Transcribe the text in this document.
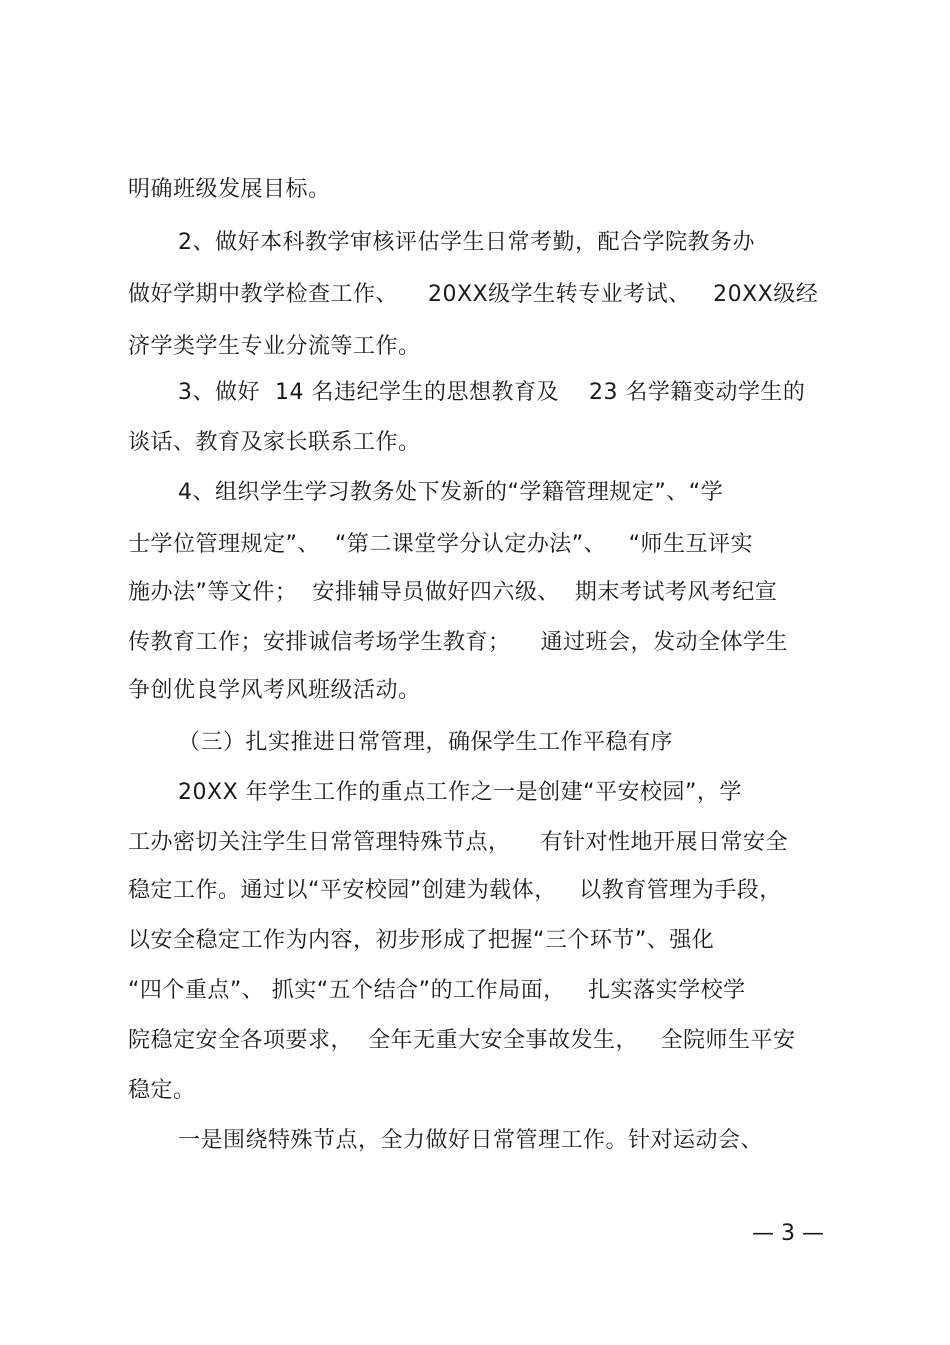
明确班级发展目标。
2、做好本科教学审核评估学生日常考勤，配合学院教务办
做好学期中教学检查工作、    20XX级学生转专业考试、   20XX级经
济学类学生专业分流等工作。
3、做好  14 名违纪学生的思想教育及    23 名学籍变动学生的
谈话、教育及家长联系工作。
4、组织学生学习教务处下发新的“学籍管理规定”、“学
士学位管理规定”、  “第二课堂学分认定办法”、   “师生互评实
施办法”等文件；  安排辅导员做好四六级、  期末考试考风考纪宣
传教育工作；安排诚信考场学生教育；    通过班会，发动全体学生
争创优良学风考风班级活动。
（三）扎实推进日常管理，确保学生工作平稳有序
20XX 年学生工作的重点工作之一是创建“平安校园”，学
工办密切关注学生日常管理特殊节点，    有针对性地开展日常安全
稳定工作。通过以“平安校园”创建为载体，   以教育管理为手段，
以安全稳定工作为内容，初步形成了把握“三个环节”、强化
“四个重点”、 抓实“五个结合”的工作局面，   扎实落实学校学
院稳定安全各项要求，  全年无重大安全事故发生，   全院师生平安
稳定。
一是围绕特殊节点，全力做好日常管理工作。针对运动会、
— 3 —
